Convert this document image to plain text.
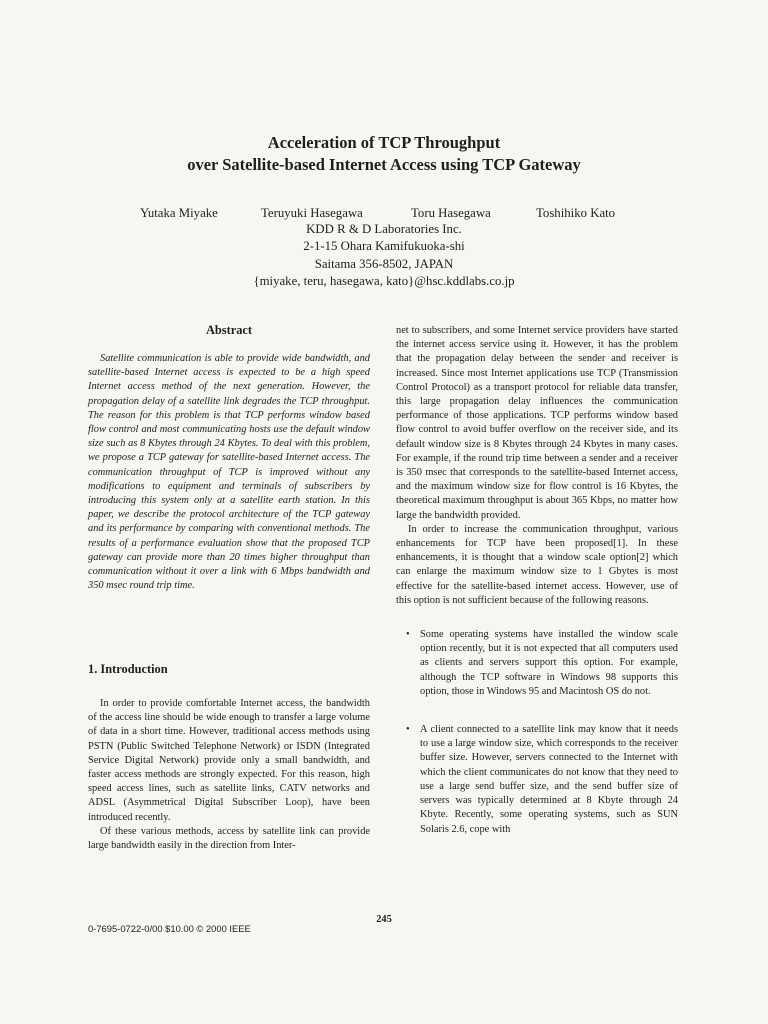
Acceleration of TCP Throughput
over Satellite-based Internet Access using TCP Gateway
Yutaka Miyake	Teruyuki Hasegawa	Toru Hasegawa	Toshihiko Kato
KDD R & D Laboratories Inc.
2-1-15 Ohara Kamifukuoka-shi
Saitama 356-8502, JAPAN
{miyake, teru, hasegawa, kato}@hsc.kddlabs.co.jp
Abstract

Satellite communication is able to provide wide bandwidth, and satellite-based Internet access is expected to be a high speed Internet access method of the next generation. However, the propagation delay of a satellite link degrades the TCP throughput. The reason for this problem is that TCP performs window based flow control and most communicating hosts use the default window size such as 8 Kbytes through 24 Kbytes. To deal with this problem, we propose a TCP gateway for satellite-based Internet access. The communication throughput of TCP is improved without any modifications to equipment and terminals of subscribers by introducing this system only at a satellite earth station. In this paper, we describe the protocol architecture of the TCP gateway and its performance by comparing with conventional methods. The results of a performance evaluation show that the proposed TCP gateway can provide more than 20 times higher throughput than communication without it over a link with 6 Mbps bandwidth and 350 msec round trip time.

1. Introduction

In order to provide comfortable Internet access, the bandwidth of the access line should be wide enough to transfer a large volume of data in a short time. However, traditional access methods using PSTN (Public Switched Telephone Network) or ISDN (Integrated Service Digital Network) provide only a small bandwidth, and faster access methods are strongly expected. For this reason, high speed access lines, such as satellite links, CATV networks and ADSL (Asymmetrical Digital Subscriber Loop), have been introduced recently.

Of these various methods, access by satellite link can provide large bandwidth easily in the direction from Inter-

net to subscribers, and some Internet service providers have started the internet access service using it. However, it has the problem that the propagation delay between the sender and receiver is increased. Since most Internet applications use TCP (Transmission Control Protocol) as a transport protocol for reliable data transfer, this large propagation delay influences the communication performance of those applications. TCP performs window based flow control to avoid buffer overflow on the receiver side, and its default window size is 8 Kbytes through 24 Kbytes in many cases. For example, if the round trip time between a sender and a receiver is 350 msec that corresponds to the satellite-based Internet access, and the maximum window size for flow control is 16 Kbytes, the theoretical maximum throughput is about 365 Kbps, no matter how large the bandwidth provided.

In order to increase the communication throughput, various enhancements for TCP have been proposed[1]. In these enhancements, it is thought that a window scale option[2] which can enlarge the maximum window size to 1 Gbytes is most effective for the satellite-based internet access. However, use of this option is not sufficient because of the following reasons.

• Some operating systems have installed the window scale option recently, but it is not expected that all computers used as clients and servers support this option. For example, although the TCP software in Windows 98 supports this option, those in Windows 95 and Macintosh OS do not.
• A client connected to a satellite link may know that it needs to use a large window size, which corresponds to the receiver buffer size. However, servers connected to the Internet with which the client communicates do not know that they need to use a large send buffer size, and the send buffer size of servers was typically determined at 8 Kbyte through 24 Kbyte. Recently, some operating systems, such as SUN Solaris 2.6, cope with
245
0-7695-0722-0/00 $10.00 © 2000 IEEE
